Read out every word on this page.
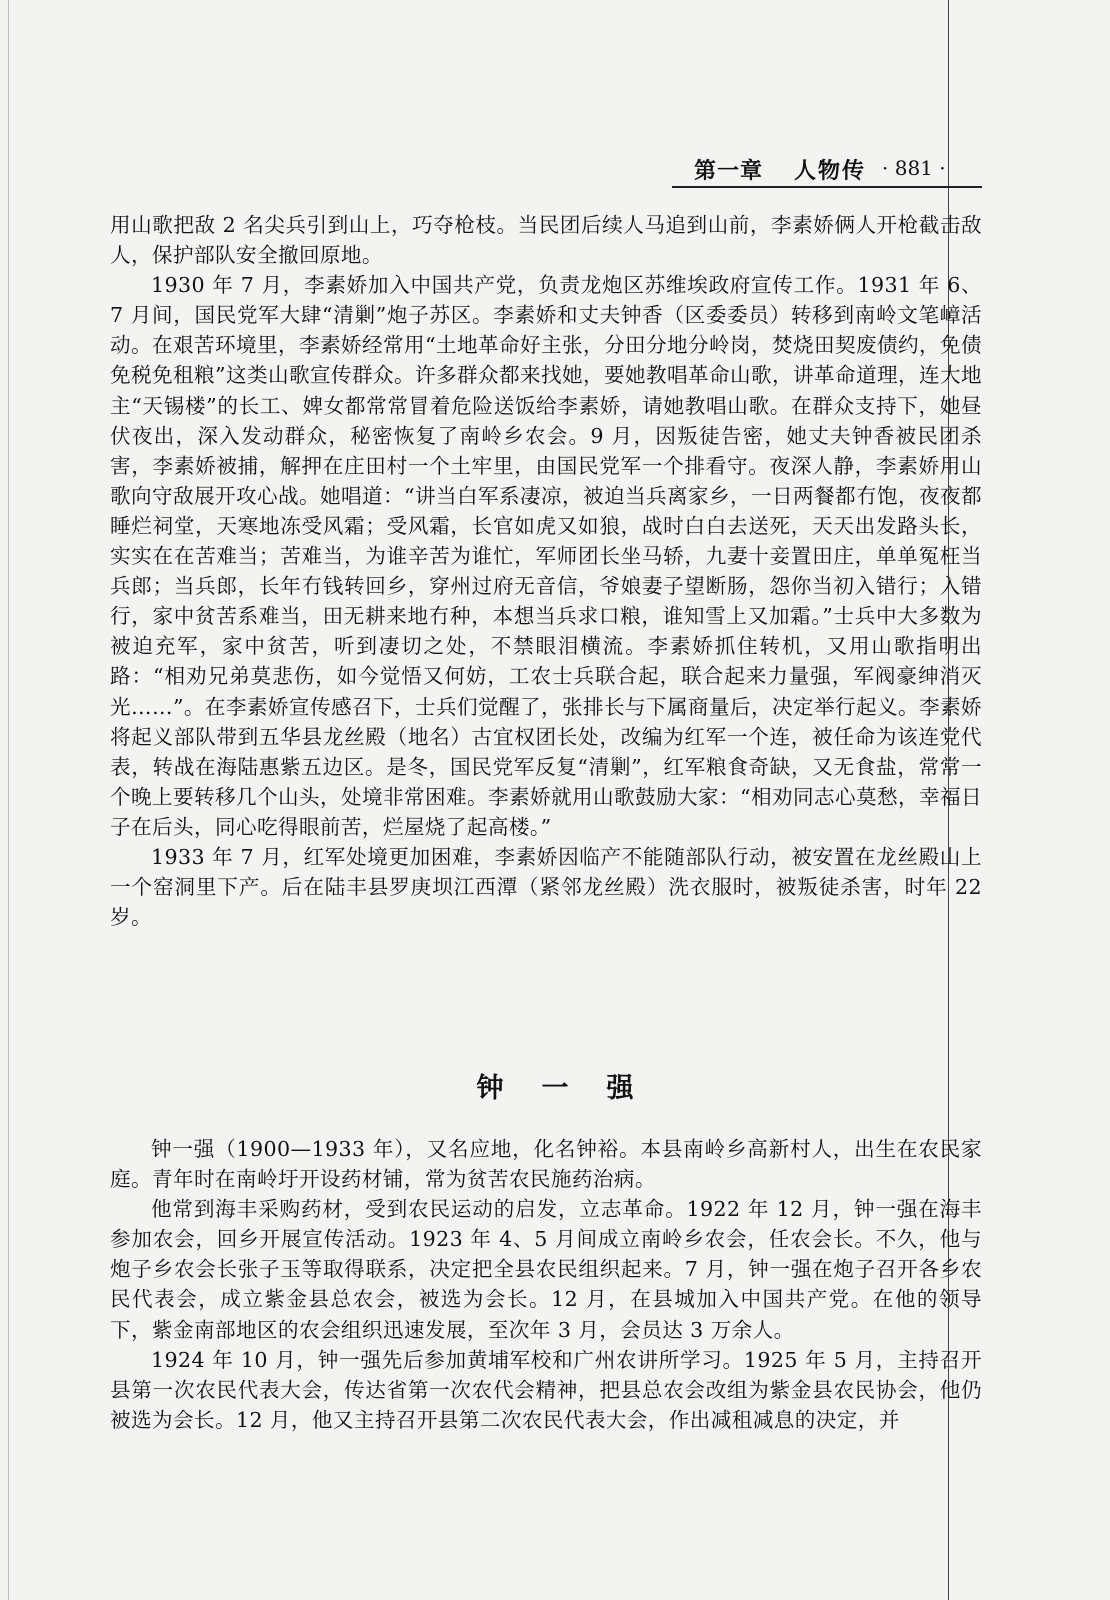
第一章 人物传 · 881 ·

用山歌把敌 2 名尖兵引到山上，巧夺枪枝。当民团后续人马追到山前，李素娇俩人开枪截击敌人，保护部队安全撤回原地。

1930 年 7 月，李素娇加入中国共产党，负责龙炮区苏维埃政府宣传工作。1931 年 6、7 月间，国民党军大肆“清剿”炮子苏区。李素娇和丈夫钟香（区委委员）转移到南岭文笔嶂活动。在艰苦环境里，李素娇经常用“土地革命好主张，分田分地分岭岗，焚烧田契废债约，免债免税免租粮”这类山歌宣传群众。许多群众都来找她，要她教唱革命山歌，讲革命道理，连大地主“天锡楼”的长工、婢女都常常冒着危险送饭给李素娇，请她教唱山歌。在群众支持下，她昼伏夜出，深入发动群众，秘密恢复了南岭乡农会。9 月，因叛徒告密，她丈夫钟香被民团杀害，李素娇被捕，解押在庄田村一个土牢里，由国民党军一个排看守。夜深人静，李素娇用山歌向守敌展开攻心战。她唱道：“讲当白军系凄凉，被迫当兵离家乡，一日两餐都冇饱，夜夜都睡烂祠堂，天寒地冻受风霜；受风霜，长官如虎又如狼，战时白白去送死，天天出发路头长，实实在在苦难当；苦难当，为谁辛苦为谁忙，军师团长坐马轿，九妻十妾置田庄，单单冤枉当兵郎；当兵郎，长年冇钱转回乡，穿州过府无音信，爷娘妻子望断肠，怨你当初入错行；入错行，家中贫苦系难当，田无耕来地冇种，本想当兵求口粮，谁知雪上又加霜。”士兵中大多数为被迫充军，家中贫苦，听到凄切之处，不禁眼泪横流。李素娇抓住转机，又用山歌指明出路：“相劝兄弟莫悲伤，如今觉悟又何妨，工农士兵联合起，联合起来力量强，军阀豪绅消灭光……”。在李素娇宣传感召下，士兵们觉醒了，张排长与下属商量后，决定举行起义。李素娇将起义部队带到五华县龙丝殿（地名）古宜权团长处，改编为红军一个连，被任命为该连党代表，转战在海陆惠紫五边区。是冬，国民党军反复“清剿”，红军粮食奇缺，又无食盐，常常一个晚上要转移几个山头，处境非常困难。李素娇就用山歌鼓励大家：“相劝同志心莫愁，幸福日子在后头，同心吃得眼前苦，烂屋烧了起高楼。”

1933 年 7 月，红军处境更加困难，李素娇因临产不能随部队行动，被安置在龙丝殿山上一个窑洞里下产。后在陆丰县罗庚坝江西潭（紧邻龙丝殿）洗衣服时，被叛徒杀害，时年 22 岁。

钟一强

钟一强（1900—1933 年），又名应地，化名钟裕。本县南岭乡高新村人，出生在农民家庭。青年时在南岭圩开设药材铺，常为贫苦农民施药治病。

他常到海丰采购药材，受到农民运动的启发，立志革命。1922 年 12 月，钟一强在海丰参加农会，回乡开展宣传活动。1923 年 4、5 月间成立南岭乡农会，任农会长。不久，他与炮子乡农会长张子玉等取得联系，决定把全县农民组织起来。7 月，钟一强在炮子召开各乡农民代表会，成立紫金县总农会，被选为会长。12 月，在县城加入中国共产党。在他的领导下，紫金南部地区的农会组织迅速发展，至次年 3 月，会员达 3 万余人。

1924 年 10 月，钟一强先后参加黄埔军校和广州农讲所学习。1925 年 5 月，主持召开县第一次农民代表大会，传达省第一次农代会精神，把县总农会改组为紫金县农民协会，他仍被选为会长。12 月，他又主持召开县第二次农民代表大会，作出减租减息的决定，并
